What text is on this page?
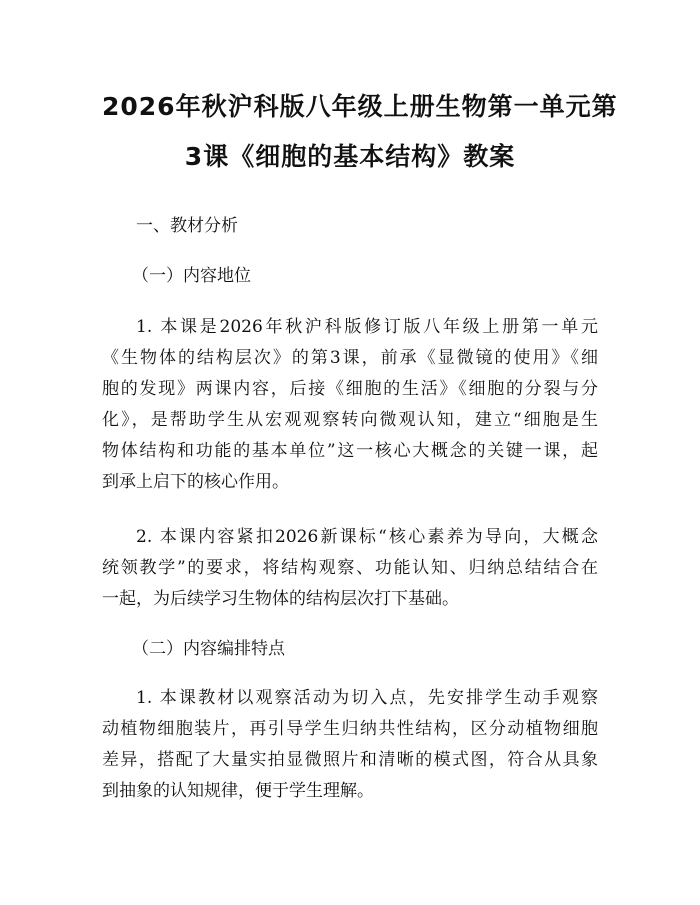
2026年秋沪科版八年级上册生物第一单元第
3课《细胞的基本结构》教案

一、教材分析

（一）内容地位

1. 本课是2026年秋沪科版修订版八年级上册第一单元
《生物体的结构层次》的第3课，前承《显微镜的使用》《细
胞的发现》两课内容，后接《细胞的生活》《细胞的分裂与分
化》，是帮助学生从宏观观察转向微观认知，建立“细胞是生
物体结构和功能的基本单位”这一核心大概念的关键一课，起
到承上启下的核心作用。
2. 本课内容紧扣2026新课标“核心素养为导向，大概念
统领教学”的要求，将结构观察、功能认知、归纳总结结合在
一起，为后续学习生物体的结构层次打下基础。

（二）内容编排特点

1. 本课教材以观察活动为切入点，先安排学生动手观察
动植物细胞装片，再引导学生归纳共性结构，区分动植物细胞
差异，搭配了大量实拍显微照片和清晰的模式图，符合从具象
到抽象的认知规律，便于学生理解。
